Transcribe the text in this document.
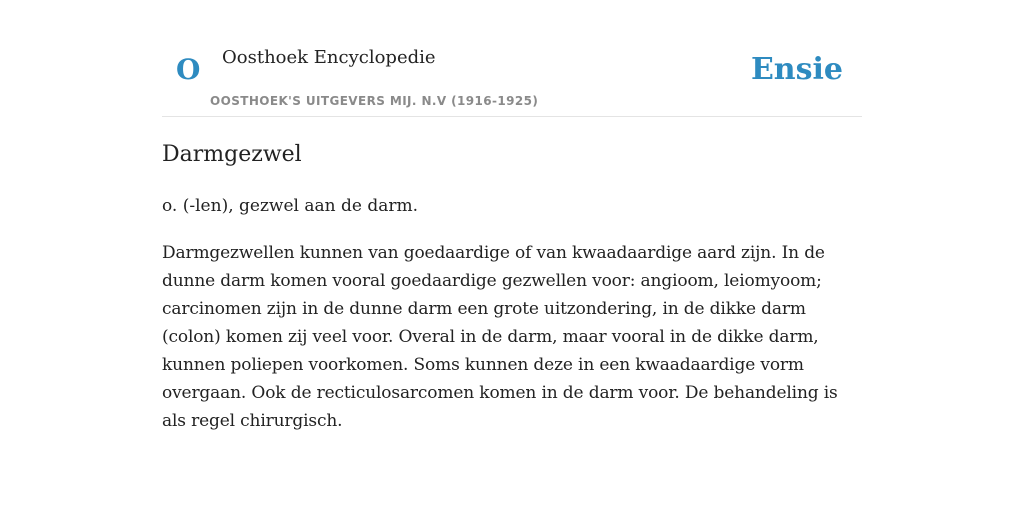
O Oosthoek Encyclopedie
OOSTHOEK'S UITGEVERS MIJ. N.V (1916-1925)
Ensie
Darmgezwel

o. (-len), gezwel aan de darm.

Darmgezwellen kunnen van goedaardige of van kwaadaardige aard zijn. In de dunne darm komen vooral goedaardige gezwellen voor: angioom, leiomyoom; carcinomen zijn in de dunne darm een grote uitzondering, in de dikke darm (colon) komen zij veel voor. Overal in de darm, maar vooral in de dikke darm, kunnen poliepen voorkomen. Soms kunnen deze in een kwaadaardige vorm overgaan. Ook de recticulosarcomen komen in de darm voor. De behandeling is als regel chirurgisch.
